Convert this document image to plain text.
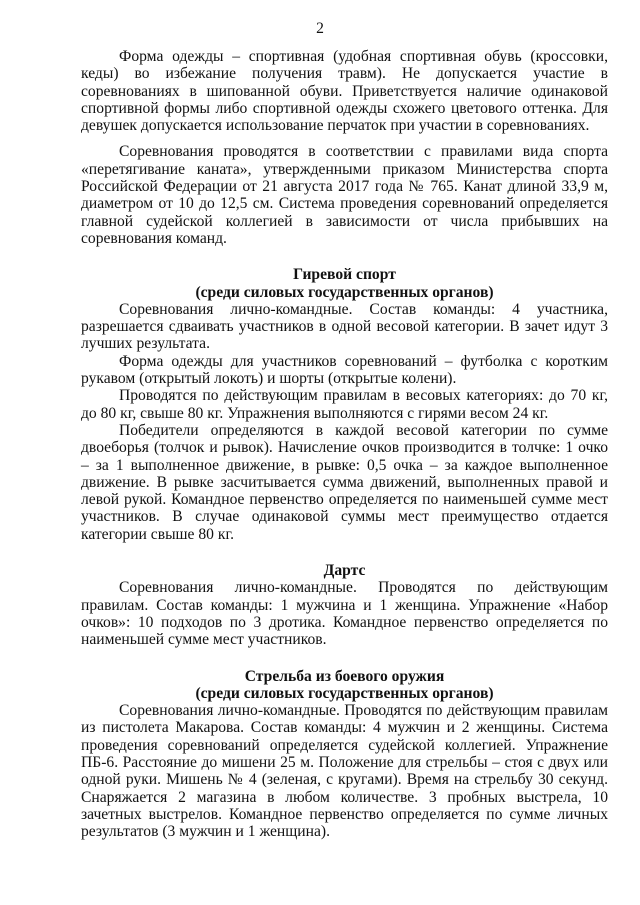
2

Форма одежды – спортивная (удобная спортивная обувь (кроссовки, кеды) во избежание получения травм). Не допускается участие в соревнованиях в шипованной обуви. Приветствуется наличие одинаковой спортивной формы либо спортивной одежды схожего цветового оттенка. Для девушек допускается использование перчаток при участии в соревнованиях.

Соревнования проводятся в соответствии с правилами вида спорта «перетягивание каната», утвержденными приказом Министерства спорта Российской Федерации от 21 августа 2017 года № 765. Канат длиной 33,9 м, диаметром от 10 до 12,5 см. Система проведения соревнований определяется главной судейской коллегией в зависимости от числа прибывших на соревнования команд.

Гиревой спорт
(среди силовых государственных органов)

Соревнования лично-командные. Состав команды: 4 участника, разрешается сдваивать участников в одной весовой категории. В зачет идут 3 лучших результата.

Форма одежды для участников соревнований – футболка с коротким рукавом (открытый локоть) и шорты (открытые колени).

Проводятся по действующим правилам в весовых категориях: до 70 кг, до 80 кг, свыше 80 кг. Упражнения выполняются с гирями весом 24 кг.

Победители определяются в каждой весовой категории по сумме двоеборья (толчок и рывок). Начисление очков производится в толчке: 1 очко – за 1 выполненное движение, в рывке: 0,5 очка – за каждое выполненное движение. В рывке засчитывается сумма движений, выполненных правой и левой рукой. Командное первенство определяется по наименьшей сумме мест участников. В случае одинаковой суммы мест преимущество отдается категории свыше 80 кг.

Дартс

Соревнования лично-командные. Проводятся по действующим правилам. Состав команды: 1 мужчина и 1 женщина. Упражнение «Набор очков»: 10 подходов по 3 дротика. Командное первенство определяется по наименьшей сумме мест участников.

Стрельба из боевого оружия
(среди силовых государственных органов)

Соревнования лично-командные. Проводятся по действующим правилам из пистолета Макарова. Состав команды: 4 мужчин и 2 женщины. Система проведения соревнований определяется судейской коллегией. Упражнение ПБ-6. Расстояние до мишени 25 м. Положение для стрельбы – стоя с двух или одной руки. Мишень № 4 (зеленая, с кругами). Время на стрельбу 30 секунд. Снаряжается 2 магазина в любом количестве. 3 пробных выстрела, 10 зачетных выстрелов. Командное первенство определяется по сумме личных результатов (3 мужчин и 1 женщина).
